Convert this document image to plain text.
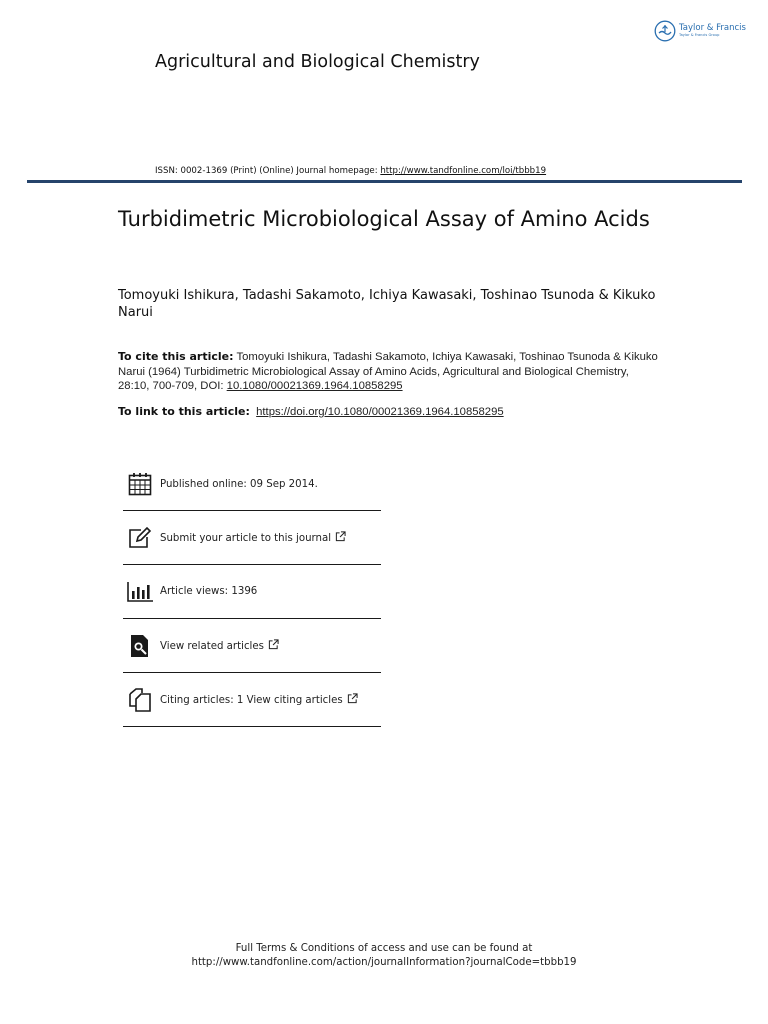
Taylor & Francis
Taylor & Francis Group
Agricultural and Biological Chemistry
ISSN: 0002-1369 (Print) (Online) Journal homepage: http://www.tandfonline.com/loi/tbbb19
Turbidimetric Microbiological Assay of Amino Acids
Tomoyuki Ishikura, Tadashi Sakamoto, Ichiya Kawasaki, Toshinao Tsunoda & Kikuko Narui
To cite this article: Tomoyuki Ishikura, Tadashi Sakamoto, Ichiya Kawasaki, Toshinao Tsunoda & Kikuko Narui (1964) Turbidimetric Microbiological Assay of Amino Acids, Agricultural and Biological Chemistry, 28:10, 700-709, DOI: 10.1080/00021369.1964.10858295
To link to this article: https://doi.org/10.1080/00021369.1964.10858295
Published online: 09 Sep 2014.
Submit your article to this journal
Article views: 1396
View related articles
Citing articles: 1 View citing articles
Full Terms & Conditions of access and use can be found at
http://www.tandfonline.com/action/journalInformation?journalCode=tbbb19
